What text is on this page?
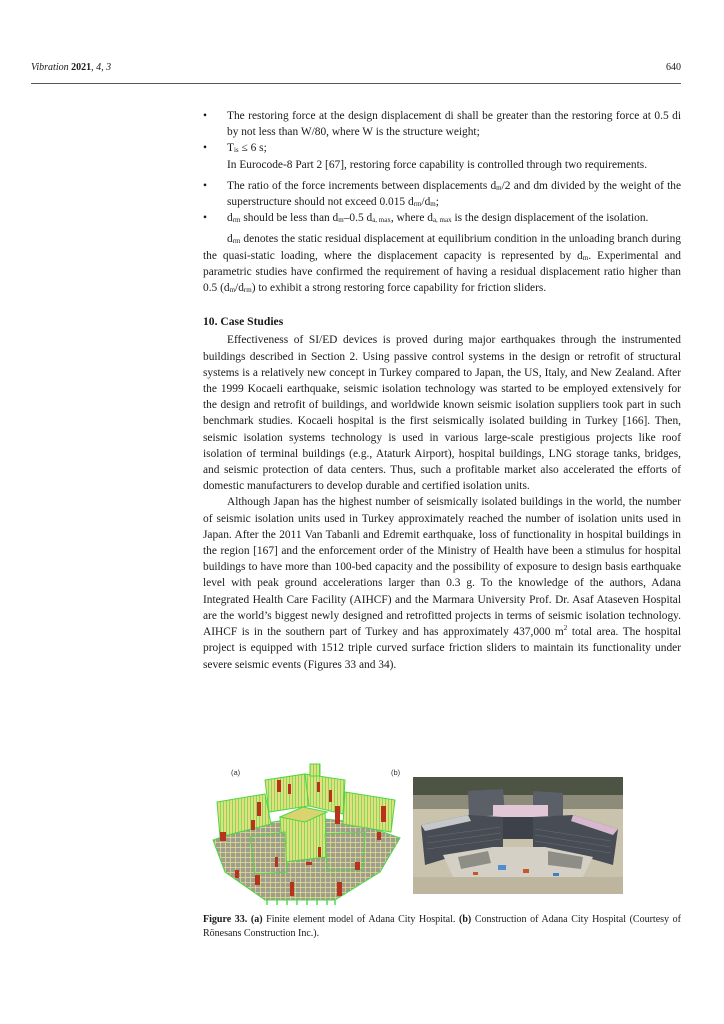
Vibration 2021, 4, 3	640
•	The restoring force at the design displacement di shall be greater than the restoring force at 0.5 di by not less than W/80, where W is the structure weight;

•	$T_{is} \le 6$ s;

In Eurocode-8 Part 2 [67], restoring force capability is controlled through two requirements.

•	The ratio of the force increments between displacements $d_m/2$ and dm divided by the weight of the superstructure should not exceed 0.015 $d_{rm}/d_m$;

•	$d_{rm}$ should be less than $d_m-0.5$ $d_{a, max}$, where $d_{a, max}$ is the design displacement of the isolation.

$d_{rm}$ denotes the static residual displacement at equilibrium condition in the unloading branch during the quasi-static loading, where the displacement capacity is represented by $d_m$. Experimental and parametric studies have confirmed the requirement of having a residual displacement ratio higher than 0.5 $(d_m/d_{rm})$ to exhibit a strong restoring force capability for friction sliders.

10. Case Studies

Effectiveness of SI/ED devices is proved during major earthquakes through the instrumented buildings described in Section 2. Using passive control systems in the design or retrofit of structural systems is a relatively new concept in Turkey compared to Japan, the US, Italy, and New Zealand. After the 1999 Kocaeli earthquake, seismic isolation technology was started to be employed extensively for the design and retrofit of buildings, and worldwide known seismic isolation suppliers took part in such benchmark studies. Kocaeli hospital is the first seismically isolated building in Turkey [166]. Then, seismic isolation systems technology is used in various large-scale prestigious projects like roof isolation of terminal buildings (e.g., Ataturk Airport), hospital buildings, LNG storage tanks, bridges, and seismic protection of data centers. Thus, such a profitable market also accelerated the efforts of domestic manufacturers to develop durable and certified isolation units.

Although Japan has the highest number of seismically isolated buildings in the world, the number of seismic isolation units used in Turkey approximately reached the number of isolation units used in Japan. After the 2011 Van Tabanli and Edremit earthquake, loss of functionality in hospital buildings in the region [167] and the enforcement order of the Ministry of Health have been a stimulus for hospital buildings to have more than 100-bed capacity and the possibility of exposure to design basis earthquake level with peak ground accelerations larger than 0.3 g. To the knowledge of the authors, Adana Integrated Health Care Facility (AIHCF) and the Marmara University Prof. Dr. Asaf Ataseven Hospital are the world’s biggest newly designed and retrofitted projects in terms of seismic isolation technology. AIHCF is in the southern part of Turkey and has approximately 437,000 $m^2$ total area. The hospital project is equipped with 1512 triple curved surface friction sliders to maintain its functionality under severe seismic events (Figures 33 and 34).

(a)	(b)
Figure 33. (a) Finite element model of Adana City Hospital. (b) Construction of Adana City Hospital (Courtesy of Rönesans Construction Inc.).
